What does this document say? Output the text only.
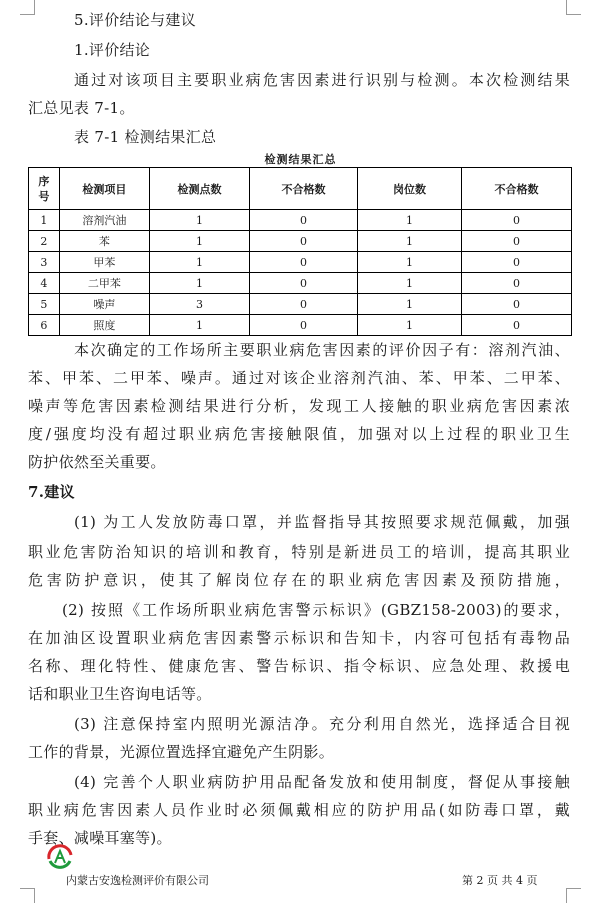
5.评价结论与建议
1.评价结论
通过对该项目主要职业病危害因素进行识别与检测。本次检测结果
汇总见表 7-1。
表 7-1 检测结果汇总
检测结果汇总
序号	检测项目	检测点数	不合格数	岗位数	不合格数
1	溶剂汽油	1	0	1	0
2	苯	1	0	1	0
3	甲苯	1	0	1	0
4	二甲苯	1	0	1	0
5	噪声	3	0	1	0
6	照度	1	0	1	0
本次确定的工作场所主要职业病危害因素的评价因子有：溶剂汽油、
苯、甲苯、二甲苯、噪声。通过对该企业溶剂汽油、苯、甲苯、二甲苯、
噪声等危害因素检测结果进行分析，发现工人接触的职业病危害因素浓
度/强度均没有超过职业病危害接触限值，加强对以上过程的职业卫生
防护依然至关重要。
7.建议
(1) 为工人发放防毒口罩，并监督指导其按照要求规范佩戴，加强
职业危害防治知识的培训和教育，特别是新进员工的培训，提高其职业
危害防护意识，使其了解岗位存在的职业病危害因素及预防措施，
(2) 按照《工作场所职业病危害警示标识》(GBZ158-2003)的要求，
在加油区设置职业病危害因素警示标识和告知卡，内容可包括有毒物品
名称、理化特性、健康危害、警告标识、指令标识、应急处理、救援电
话和职业卫生咨询电话等。
(3) 注意保持室内照明光源洁净。充分利用自然光，选择适合目视
工作的背景，光源位置选择宜避免产生阴影。
(4) 完善个人职业病防护用品配备发放和使用制度，督促从事接触
职业病危害因素人员作业时必须佩戴相应的防护用品(如防毒口罩，戴
手套、减噪耳塞等)。
内蒙古安逸检测评价有限公司	第 2 页 共 4 页
